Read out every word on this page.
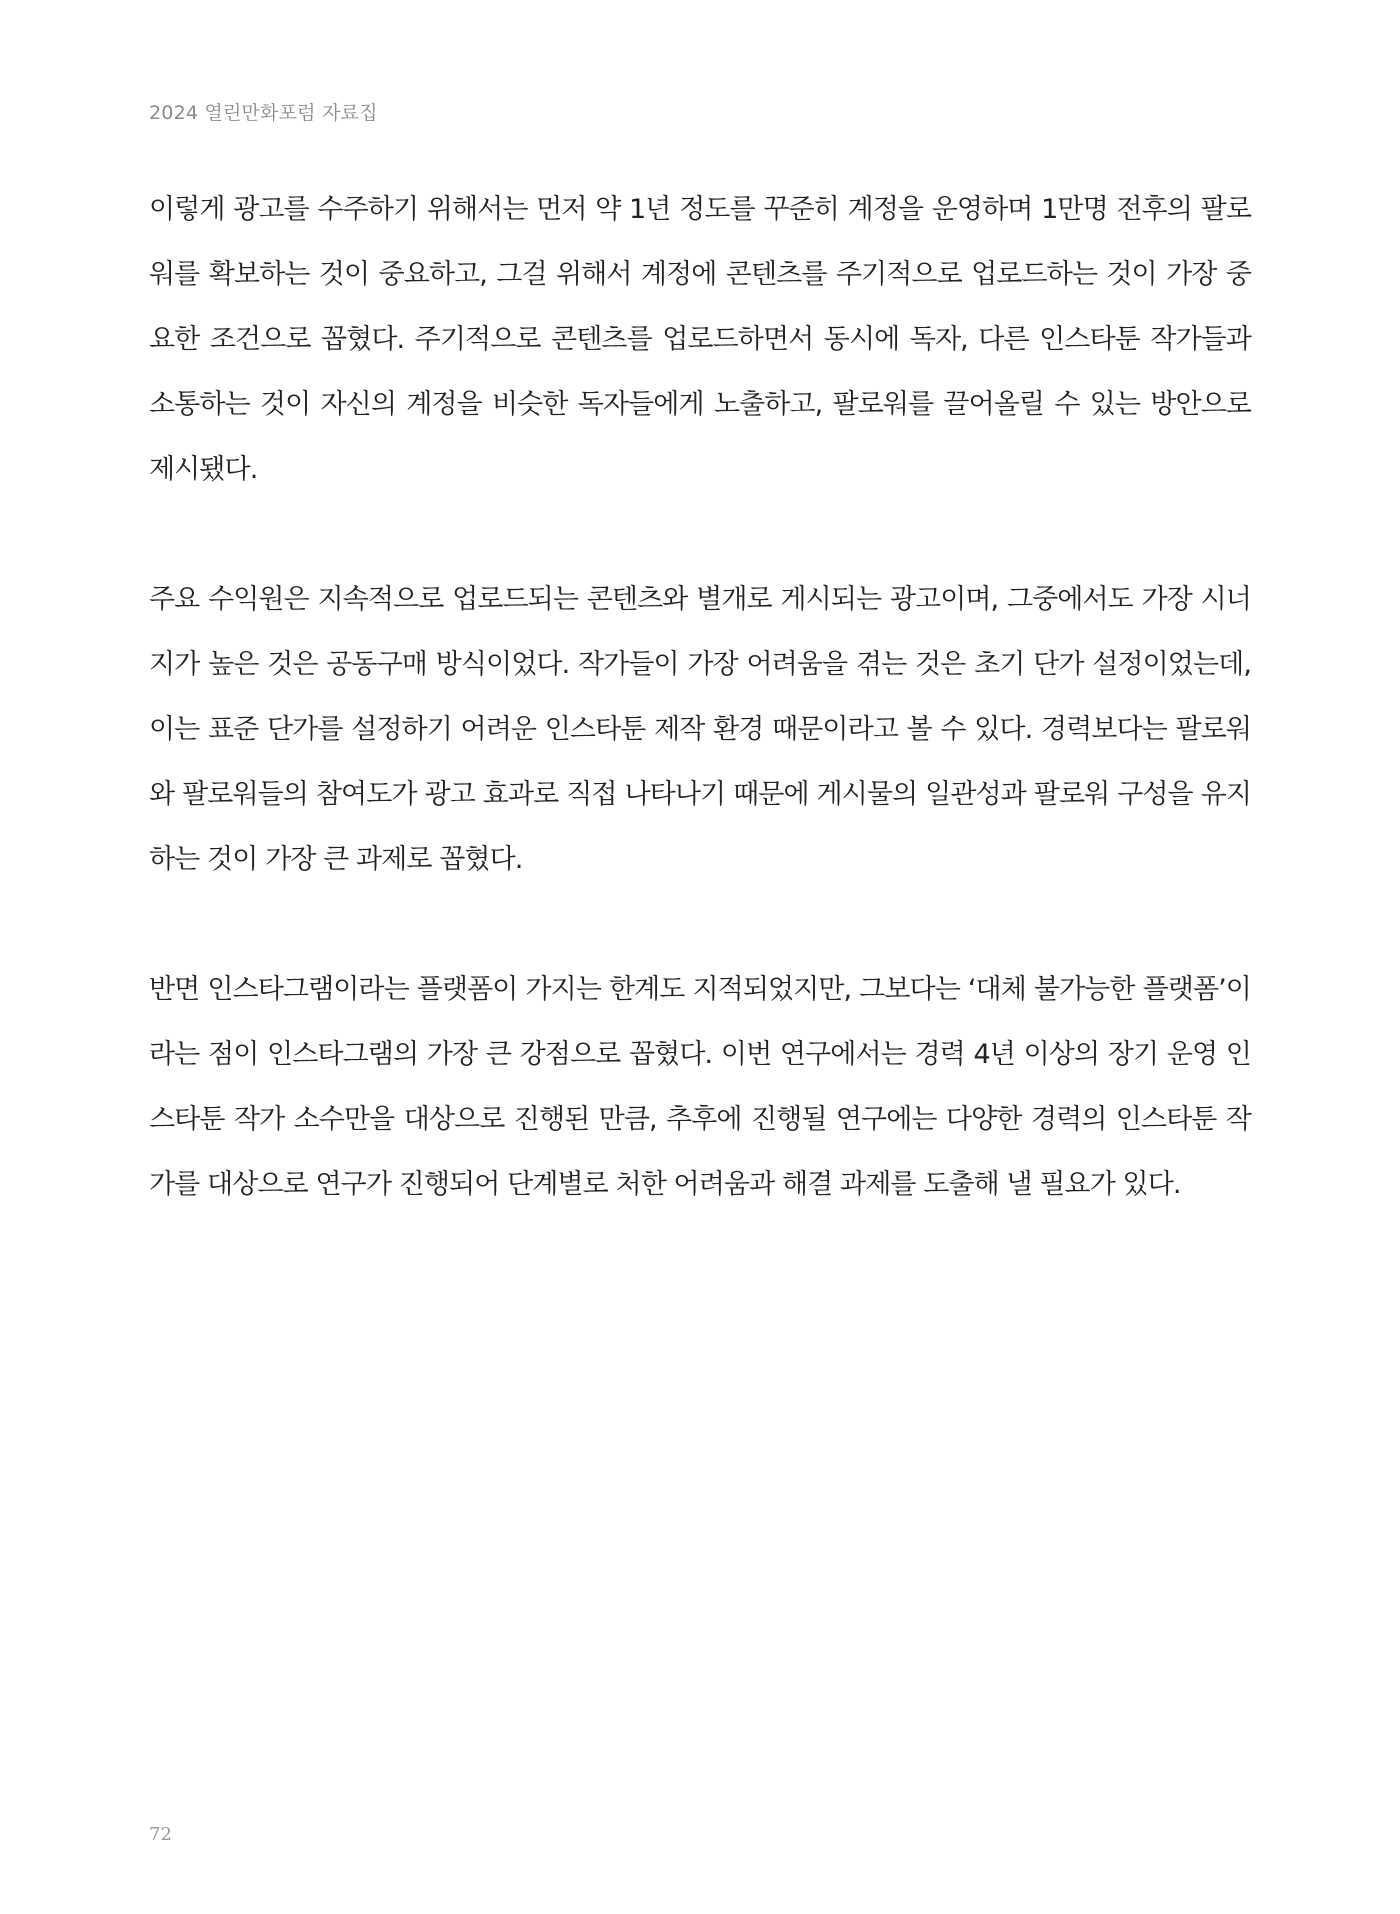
2024 열린만화포럼 자료집

이렇게 광고를 수주하기 위해서는 먼저 약 1년 정도를 꾸준히 계정을 운영하며 1만명 전후의 팔로
워를 확보하는 것이 중요하고, 그걸 위해서 계정에 콘텐츠를 주기적으로 업로드하는 것이 가장 중
요한 조건으로 꼽혔다. 주기적으로 콘텐츠를 업로드하면서 동시에 독자, 다른 인스타툰 작가들과
소통하는 것이 자신의 계정을 비슷한 독자들에게 노출하고, 팔로워를 끌어올릴 수 있는 방안으로
제시됐다.

주요 수익원은 지속적으로 업로드되는 콘텐츠와 별개로 게시되는 광고이며, 그중에서도 가장 시너
지가 높은 것은 공동구매 방식이었다. 작가들이 가장 어려움을 겪는 것은 초기 단가 설정이었는데,
이는 표준 단가를 설정하기 어려운 인스타툰 제작 환경 때문이라고 볼 수 있다. 경력보다는 팔로워
와 팔로워들의 참여도가 광고 효과로 직접 나타나기 때문에 게시물의 일관성과 팔로워 구성을 유지
하는 것이 가장 큰 과제로 꼽혔다.

반면 인스타그램이라는 플랫폼이 가지는 한계도 지적되었지만, 그보다는 ‘대체 불가능한 플랫폼’이
라는 점이 인스타그램의 가장 큰 강점으로 꼽혔다. 이번 연구에서는 경력 4년 이상의 장기 운영 인
스타툰 작가 소수만을 대상으로 진행된 만큼, 추후에 진행될 연구에는 다양한 경력의 인스타툰 작
가를 대상으로 연구가 진행되어 단계별로 처한 어려움과 해결 과제를 도출해 낼 필요가 있다.

72
